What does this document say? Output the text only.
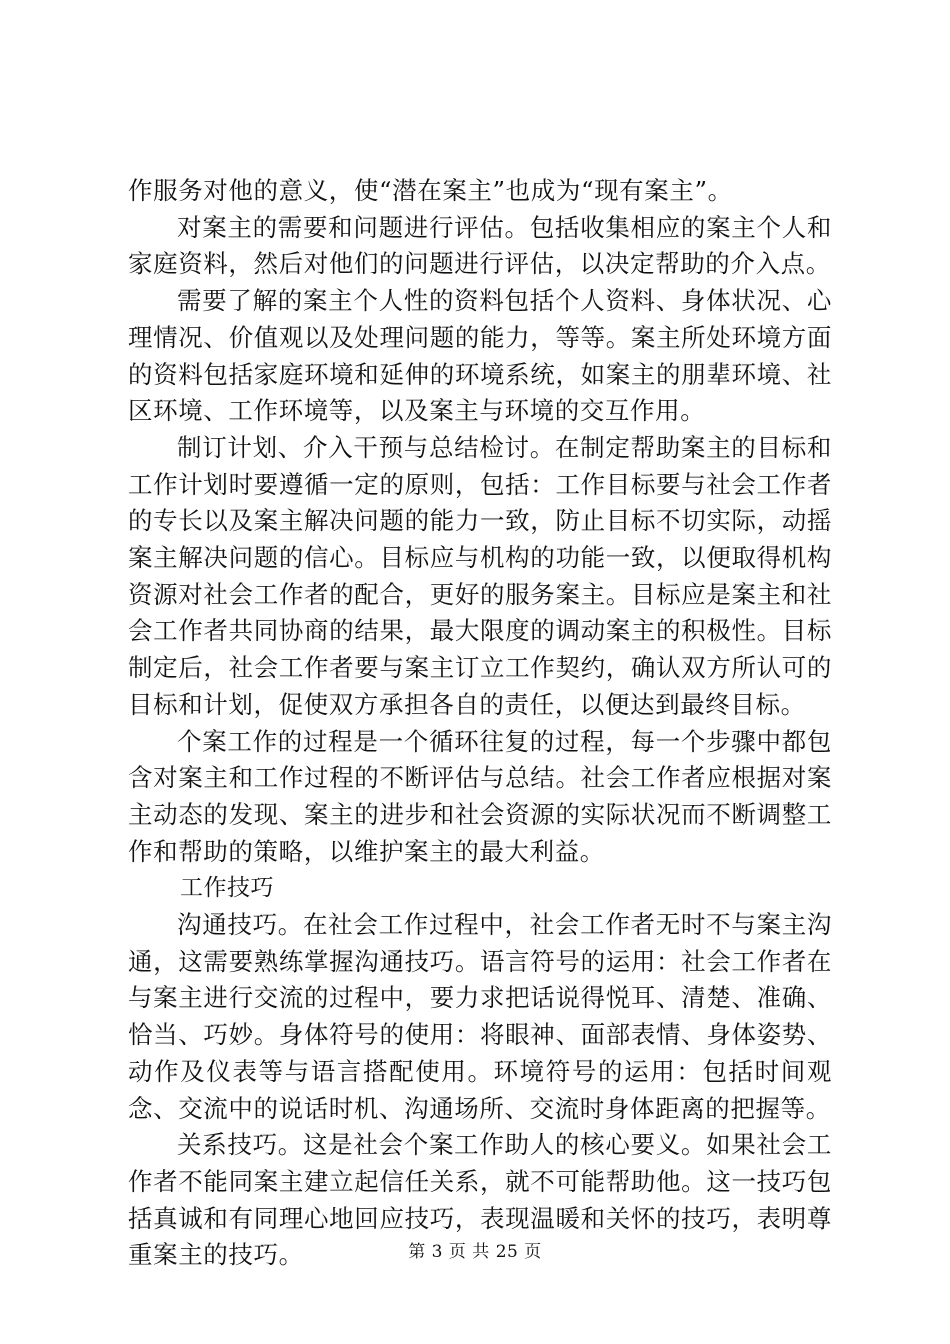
作服务对他的意义，使“潜在案主”也成为“现有案主”。

对案主的需要和问题进行评估。包括收集相应的案主个人和家庭资料，然后对他们的问题进行评估，以决定帮助的介入点。

需要了解的案主个人性的资料包括个人资料、身体状况、心理情况、价值观以及处理问题的能力，等等。案主所处环境方面的资料包括家庭环境和延伸的环境系统，如案主的朋辈环境、社区环境、工作环境等，以及案主与环境的交互作用。

制订计划、介入干预与总结检讨。在制定帮助案主的目标和工作计划时要遵循一定的原则，包括：工作目标要与社会工作者的专长以及案主解决问题的能力一致，防止目标不切实际，动摇案主解决问题的信心。目标应与机构的功能一致，以便取得机构资源对社会工作者的配合，更好的服务案主。目标应是案主和社会工作者共同协商的结果，最大限度的调动案主的积极性。目标制定后，社会工作者要与案主订立工作契约，确认双方所认可的目标和计划，促使双方承担各自的责任，以便达到最终目标。

个案工作的过程是一个循环往复的过程，每一个步骤中都包含对案主和工作过程的不断评估与总结。社会工作者应根据对案主动态的发现、案主的进步和社会资源的实际状况而不断调整工作和帮助的策略，以维护案主的最大利益。

工作技巧

沟通技巧。在社会工作过程中，社会工作者无时不与案主沟通，这需要熟练掌握沟通技巧。语言符号的运用：社会工作者在与案主进行交流的过程中，要力求把话说得悦耳、清楚、准确、恰当、巧妙。身体符号的使用：将眼神、面部表情、身体姿势、动作及仪表等与语言搭配使用。环境符号的运用：包括时间观念、交流中的说话时机、沟通场所、交流时身体距离的把握等。

关系技巧。这是社会个案工作助人的核心要义。如果社会工作者不能同案主建立起信任关系，就不可能帮助他。这一技巧包括真诚和有同理心地回应技巧，表现温暖和关怀的技巧，表明尊重案主的技巧。	第 3 页 共 25 页
